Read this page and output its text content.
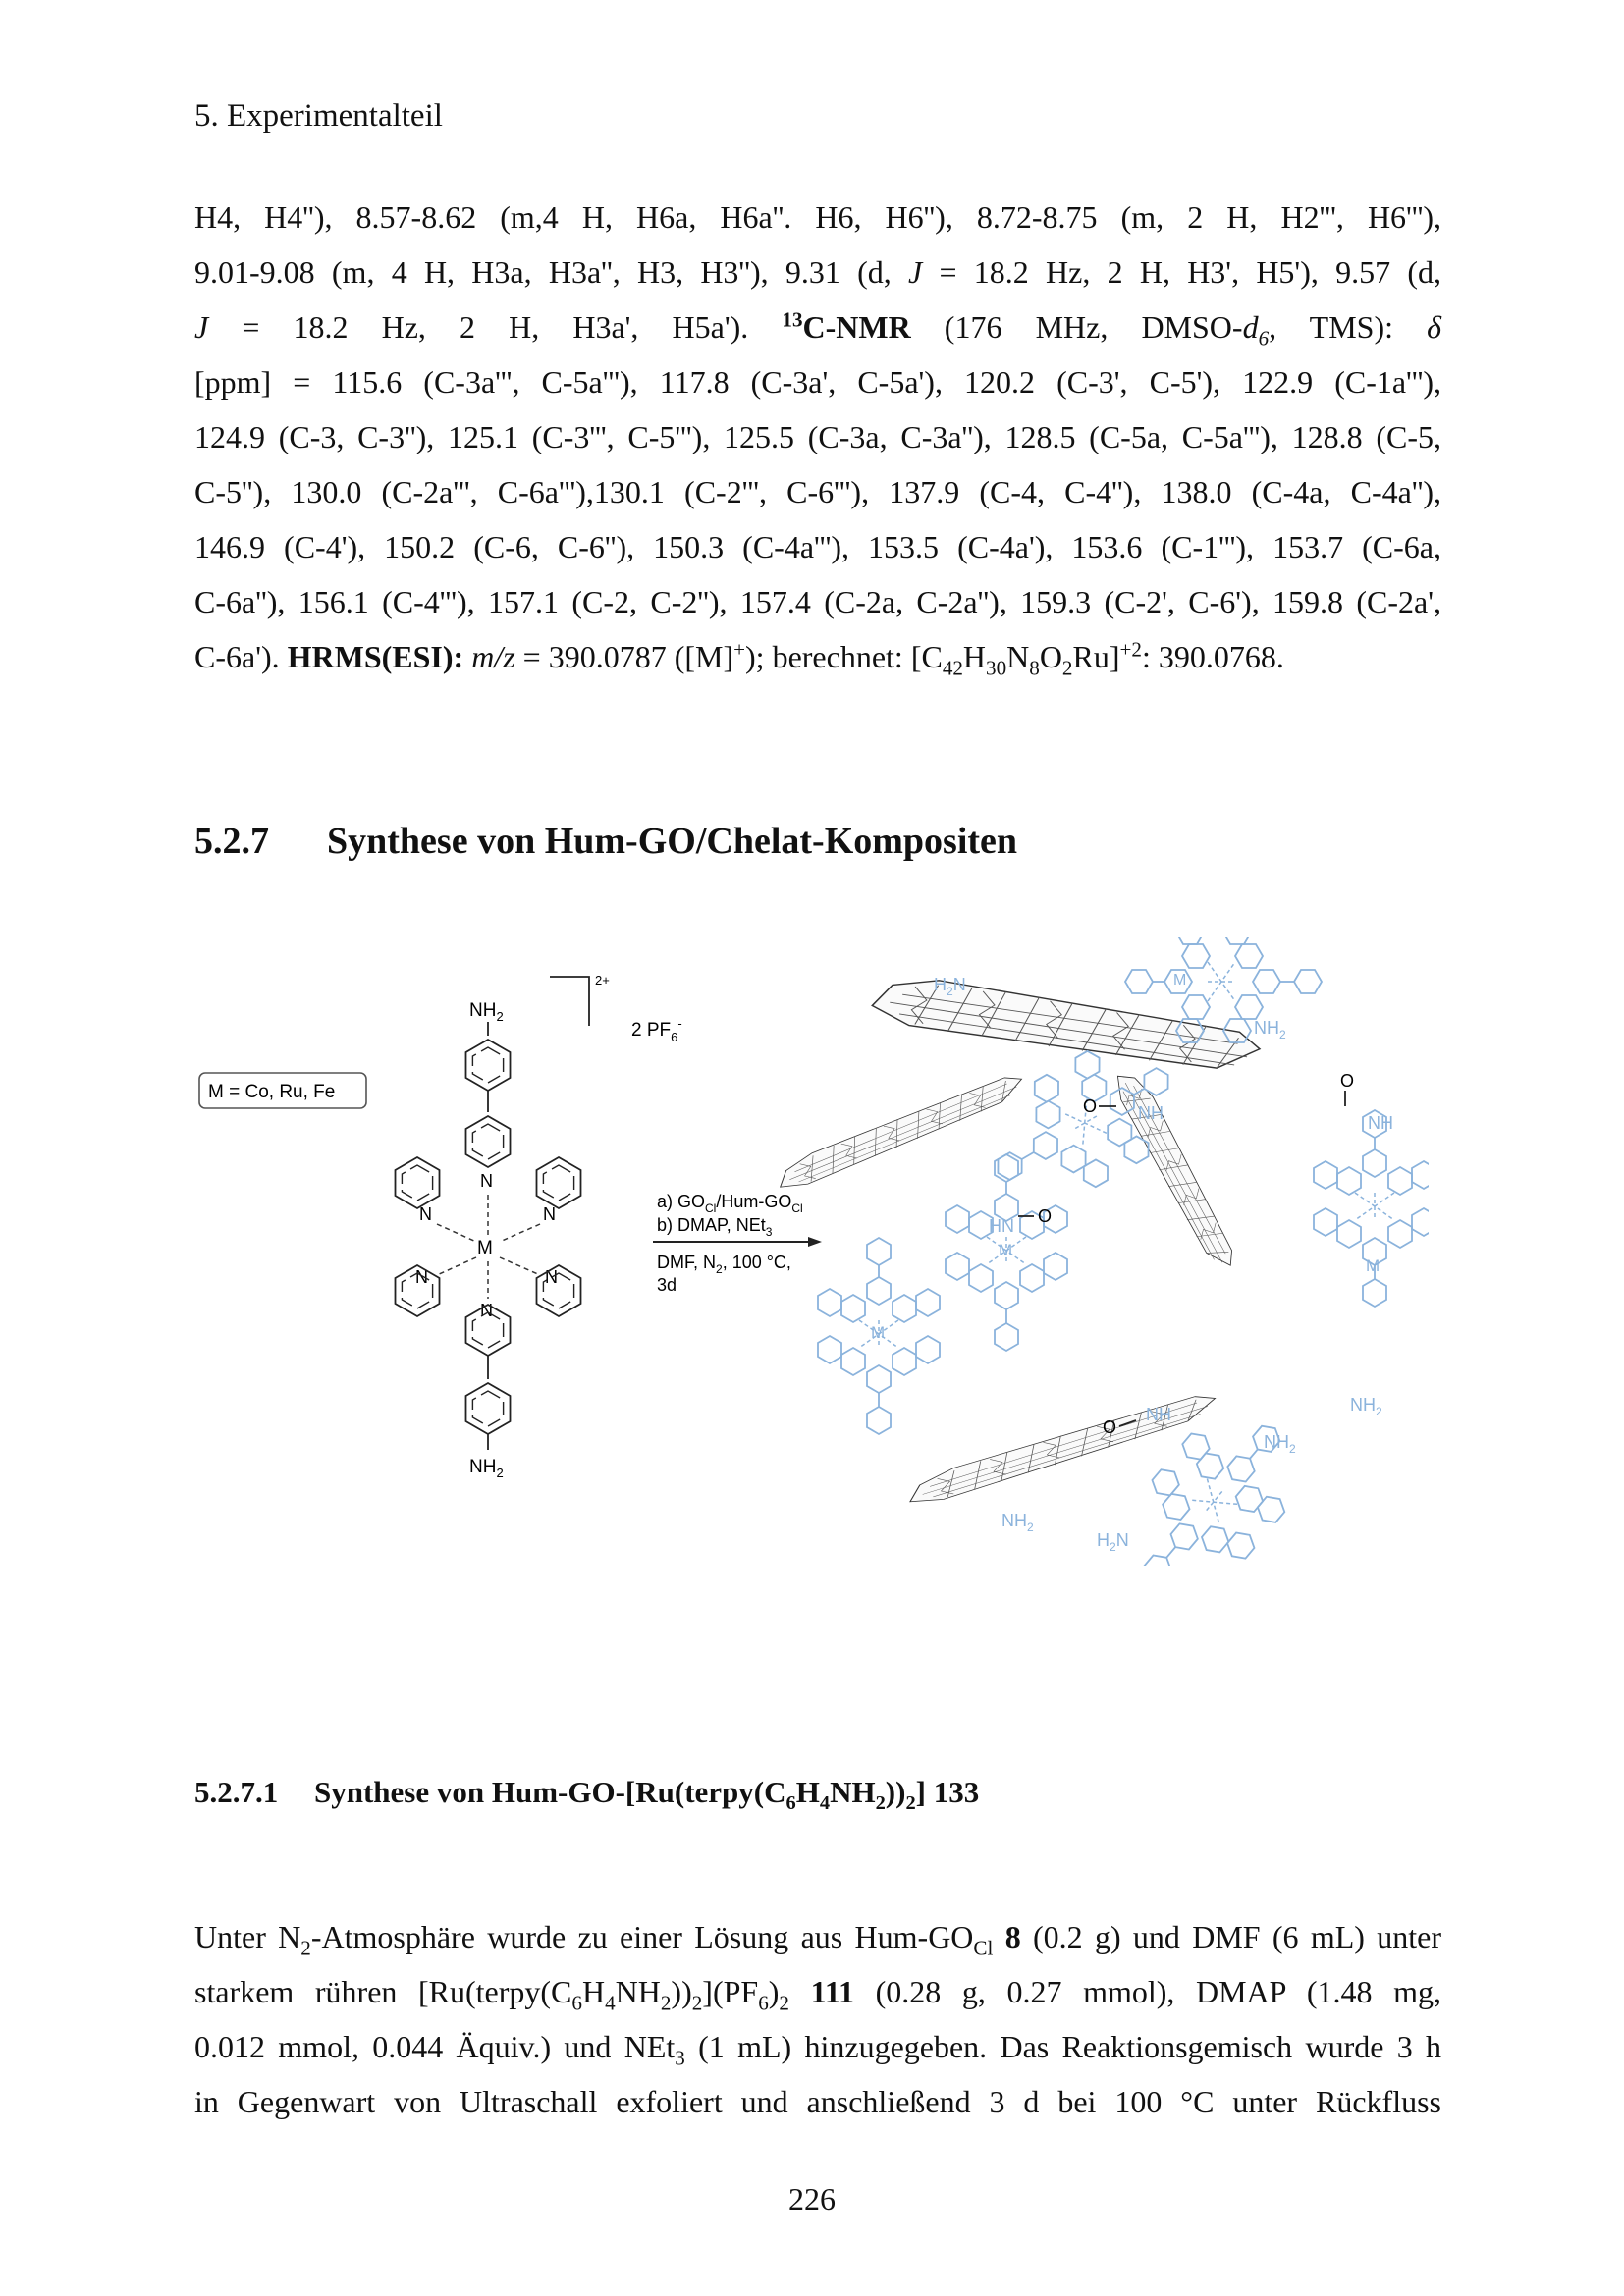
5. Experimentalteil
H4, H4''), 8.57-8.62 (m,4 H, H6a, H6a''. H6, H6''), 8.72-8.75 (m, 2 H, H2''', H6'''),
9.01-9.08 (m, 4 H, H3a, H3a'', H3, H3''), 9.31 (d, J = 18.2 Hz, 2 H, H3', H5'), 9.57 (d,
J = 18.2 Hz, 2 H, H3a', H5a'). $^{13}$C-NMR (176 MHz, DMSO-$d_6$, TMS): δ
[ppm] = 115.6 (C-3a''', C-5a'''), 117.8 (C-3a', C-5a'), 120.2 (C-3', C-5'), 122.9 (C-1a'''),
124.9 (C-3, C-3''), 125.1 (C-3''', C-5'''), 125.5 (C-3a, C-3a''), 128.5 (C-5a, C-5a'''), 128.8 (C-5,
C-5''), 130.0 (C-2a''', C-6a'''),130.1 (C-2''', C-6'''), 137.9 (C-4, C-4''), 138.0 (C-4a, C-4a''),
146.9 (C-4'), 150.2 (C-6, C-6''), 150.3 (C-4a'''), 153.5 (C-4a'), 153.6 (C-1'''), 153.7 (C-6a,
C-6a''), 156.1 (C-4'''), 157.1 (C-2, C-2''), 157.4 (C-2a, C-2a''), 159.3 (C-2', C-6'), 159.8 (C-2a',
C-6a'). HRMS(ESI): m/z = 390.0787 ([M]+); berechnet: $[C_{42}H_{30}N_8O_2Ru]^{+2}$: 390.0768.
5.2.7 Synthese von Hum-GO/Chelat-Kompositen
M = Co, Ru, Fe
2+
2 $PF_6^-$
$NH_2$
N
N	N
M
N	N
N
$NH_2$
a) $GO_{Cl}/Hum-GO_{Cl}$
b) DMAP, NEt$_3$
DMF, $N_2$, 100 °C,
3d
$H_2N$
$NH_2$
M
M
M
M
O NH
O
NH
HN O
O
NH	$NH_2$
$NH_2$
$NH_2$
$H_2N$
5.2.7.1 Synthese von Hum-$GO-[Ru(terpy(C_6H_4NH_2))_2]$ 133
Unter $N_2$-Atmosphäre wurde zu einer Lösung aus Hum-$GO_{Cl}$ 8 (0.2 g) und DMF (6 mL) unter
starkem rühren $[Ru(terpy(C_6H_4NH_2))_2](PF_6)_2$ 111 (0.28 g, 0.27 mmol), DMAP (1.48 mg,
0.012 mmol, 0.044 Äquiv.) und NEt$_3$ (1 mL) hinzugegeben. Das Reaktionsgemisch wurde 3 h
in Gegenwart von Ultraschall exfoliert und anschließend 3 d bei 100 °C unter Rückfluss
226
